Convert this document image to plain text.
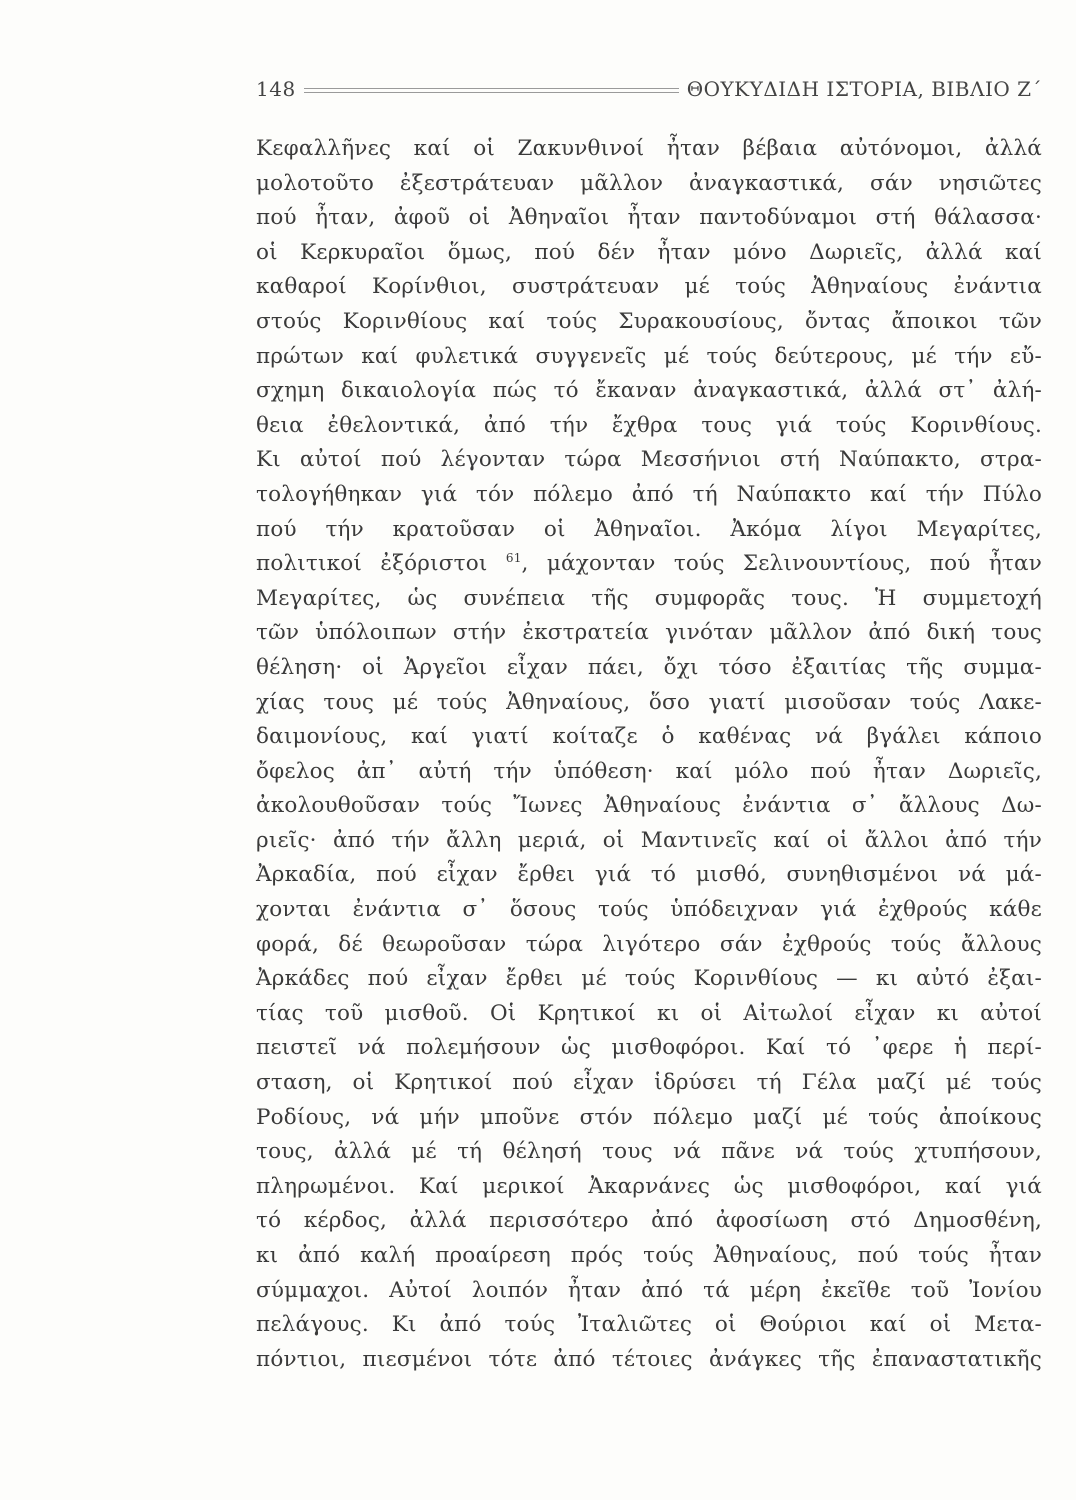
148	ΘΟΥΚΥΔΙΔΗ ΙΣΤΟΡΙΑ, ΒΙΒΛΙΟ Ζ΄
Κεφαλλῆνες καί οἱ Ζακυνθινοί ἦταν βέβαια αὐτόνομοι, ἀλλά
μολοτοῦτο ἐξεστράτευαν μᾶλλον ἀναγκαστικά, σάν νησιῶτες
πού ἦταν, ἀφοῦ οἱ Ἀθηναῖοι ἦταν παντοδύναμοι στή θάλασσα·
οἱ Κερκυραῖοι ὅμως, πού δέν ἦταν μόνο Δωριεῖς, ἀλλά καί
καθαροί Κορίνθιοι, συστράτευαν μέ τούς Ἀθηναίους ἐνάντια
στούς Κορινθίους καί τούς Συρακουσίους, ὄντας ἄποικοι τῶν
πρώτων καί φυλετικά συγγενεῖς μέ τούς δεύτερους, μέ τήν εὔ-
σχημη δικαιολογία πώς τό ἔκαναν ἀναγκαστικά, ἀλλά στ᾽ ἀλή-
θεια ἐθελοντικά, ἀπό τήν ἔχθρα τους γιά τούς Κορινθίους.
Κι αὐτοί πού λέγονταν τώρα Μεσσήνιοι στή Ναύπακτο, στρα-
τολογήθηκαν γιά τόν πόλεμο ἀπό τή Ναύπακτο καί τήν Πύλο
πού τήν κρατοῦσαν οἱ Ἀθηναῖοι. Ἀκόμα λίγοι Μεγαρίτες,
πολιτικοί ἐξόριστοι $^{61}$, μάχονταν τούς Σελινουντίους, πού ἦταν
Μεγαρίτες, ὡς συνέπεια τῆς συμφορᾶς τους. Ἡ συμμετοχή
τῶν ὑπόλοιπων στήν ἐκστρατεία γινόταν μᾶλλον ἀπό δική τους
θέληση· οἱ Ἀργεῖοι εἶχαν πάει, ὄχι τόσο ἐξαιτίας τῆς συμμα-
χίας τους μέ τούς Ἀθηναίους, ὅσο γιατί μισοῦσαν τούς Λακε-
δαιμονίους, καί γιατί κοίταζε ὁ καθένας νά βγάλει κάποιο
ὄφελος ἀπ᾽ αὐτή τήν ὑπόθεση· καί μόλο πού ἦταν Δωριεῖς,
ἀκολουθοῦσαν τούς Ἴωνες Ἀθηναίους ἐνάντια σ᾽ ἄλλους Δω-
ριεῖς· ἀπό τήν ἄλλη μεριά, οἱ Μαντινεῖς καί οἱ ἄλλοι ἀπό τήν
Ἀρκαδία, πού εἶχαν ἔρθει γιά τό μισθό, συνηθισμένοι νά μά-
χονται ἐνάντια σ᾽ ὅσους τούς ὑπόδειχναν γιά ἐχθρούς κάθε
φορά, δέ θεωροῦσαν τώρα λιγότερο σάν ἐχθρούς τούς ἄλλους
Ἀρκάδες πού εἶχαν ἔρθει μέ τούς Κορινθίους — κι αὐτό ἐξαι-
τίας τοῦ μισθοῦ. Οἱ Κρητικοί κι οἱ Αἰτωλοί εἶχαν κι αὐτοί
πειστεῖ νά πολεμήσουν ὡς μισθοφόροι. Καί τό ᾽φερε ἡ περί-
σταση, οἱ Κρητικοί πού εἶχαν ἱδρύσει τή Γέλα μαζί μέ τούς
Ροδίους, νά μήν μποῦνε στόν πόλεμο μαζί μέ τούς ἀποίκους
τους, ἀλλά μέ τή θέλησή τους νά πᾶνε νά τούς χτυπήσουν,
πληρωμένοι. Καί μερικοί Ἀκαρνάνες ὡς μισθοφόροι, καί γιά
τό κέρδος, ἀλλά περισσότερο ἀπό ἀφοσίωση στό Δημοσθένη,
κι ἀπό καλή προαίρεση πρός τούς Ἀθηναίους, πού τούς ἦταν
σύμμαχοι. Αὐτοί λοιπόν ἦταν ἀπό τά μέρη ἐκεῖθε τοῦ Ἰονίου
πελάγους. Κι ἀπό τούς Ἰταλιῶτες οἱ Θούριοι καί οἱ Μετα-
πόντιοι, πιεσμένοι τότε ἀπό τέτοιες ἀνάγκες τῆς ἐπαναστατικῆς
